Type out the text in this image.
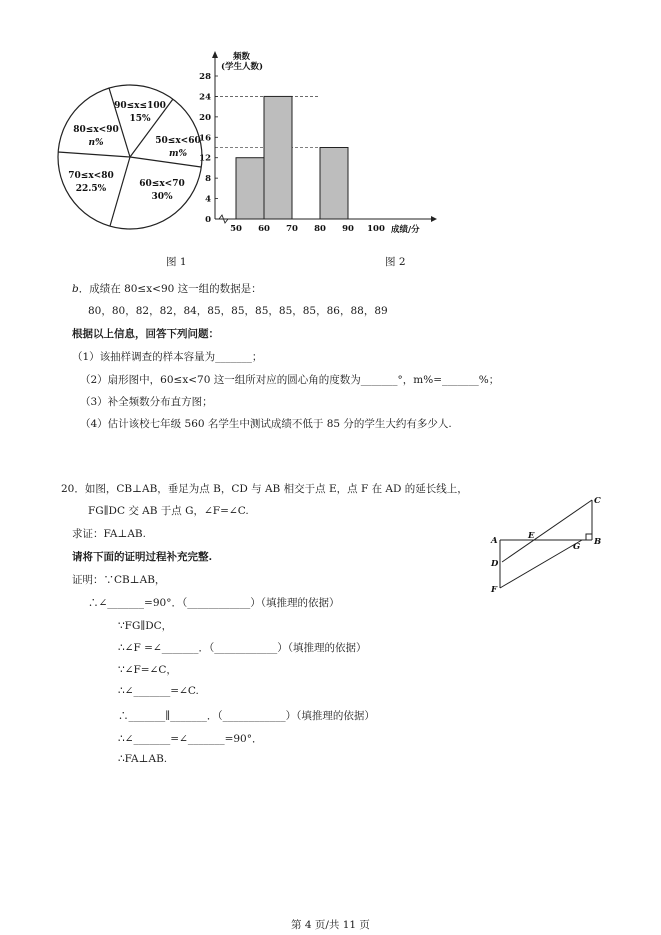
90≤x≤100
15%
50≤x<60
m%
60≤x<70
30%
70≤x<80
22.5%
80≤x<90
n%
图 1
频数
(学生人数)
成绩/分
0
4
8
12
16
20
24
28
50 60 70 80 90 100
图 2
b．成绩在 80≤x<90 这一组的数据是：
80，80，82，82，84，85，85，85，85，85，86，88，89
根据以上信息，回答下列问题：
（1）该抽样调查的样本容量为_______；
（2）扇形图中，60≤x<70 这一组所对应的圆心角的度数为_______°，m%=_______%；
（3）补全频数分布直方图；
（4）估计该校七年级 560 名学生中测试成绩不低于 85 分的学生大约有多少人.
20．如图，CB⊥AB，垂足为点 B，CD 与 AB 相交于点 E，点 F 在 AD 的延长线上，
FG∥DC 交 AB 于点 G，∠F=∠C.
求证：FA⊥AB.
请将下面的证明过程补充完整.
证明：∵CB⊥AB，
∴∠_______=90°．（____________）（填推理的依据）
∵FG∥DC，
∴∠F =∠_______．（____________）（填推理的依据）
∵∠F=∠C，
∴∠_______=∠C.
∴_______∥_______．（____________）（填推理的依据）
∴∠_______=∠_______=90°．
∴FA⊥AB.
A	B
C
D
E
F
G
第 4 页/共 11 页
